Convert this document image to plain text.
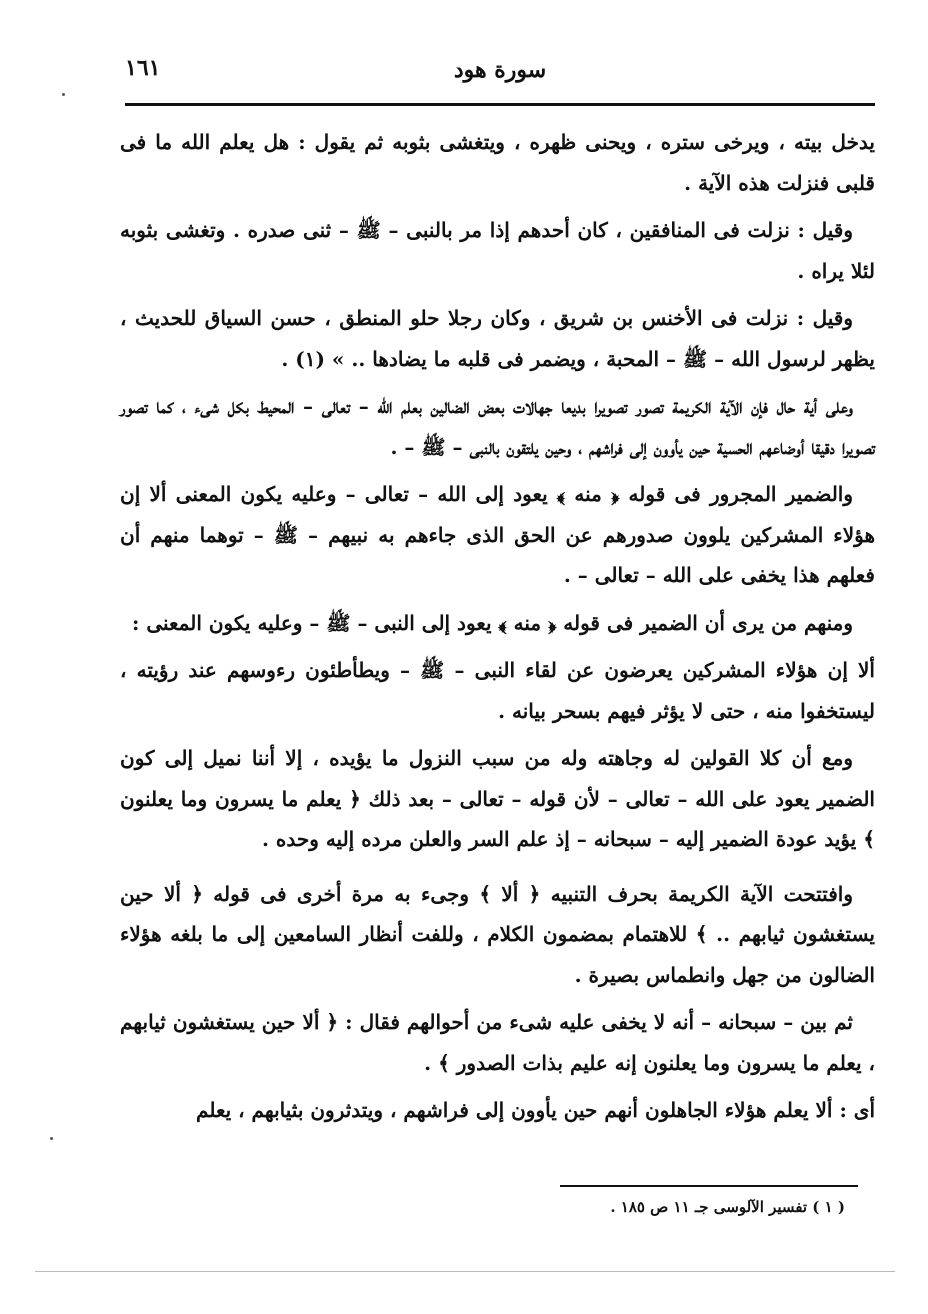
١٦١	سورة هود

يدخل بيته ، ويرخى ستره ، ويحنى ظهره ، ويتغشى بثوبه ثم يقول : هل يعلم الله ما فى قلبى فنزلت هذه الآية .

وقيل : نزلت فى المنافقين ، كان أحدهم إذا مر بالنبى – ﷺ – ثنى صدره . وتغشى بثوبه لئلا يراه .

وقيل : نزلت فى الأخنس بن شريق ، وكان رجلا حلو المنطق ، حسن السياق للحديث ، يظهر لرسول الله – ﷺ – المحبة ، ويضمر فى قلبه ما يضادها .. » (١) .

وعلى أية حال فإن الآية الكريمة تصور تصويرا بديعا جهالات بعض الضالين بعلم الله – تعالى – المحيط بكل شىء ، كما تصور تصويرا دقيقا أوضاعهم الحسية حين يأوون إلى فراشهم ، وحين يلتقون بالنبى – ﷺ – .

والضمير المجرور فى قوله ﴿ منه ﴾ يعود إلى الله – تعالى – وعليه يكون المعنى ألا إن هؤلاء المشركين يلوون صدورهم عن الحق الذى جاءهم به نبيهم – ﷺ – توهما منهم أن فعلهم هذا يخفى على الله – تعالى – .

ومنهم من يرى أن الضمير فى قوله ﴿ منه ﴾ يعود إلى النبى – ﷺ – وعليه يكون المعنى :

ألا إن هؤلاء المشركين يعرضون عن لقاء النبى – ﷺ – ويطأطئون رءوسهم عند رؤيته ، ليستخفوا منه ، حتى لا يؤثر فيهم بسحر بيانه .

ومع أن كلا القولين له وجاهته وله من سبب النزول ما يؤيده ، إلا أننا نميل إلى كون الضمير يعود على الله – تعالى – لأن قوله – تعالى – بعد ذلك ﴿ يعلم ما يسرون وما يعلنون ﴾ يؤيد عودة الضمير إليه – سبحانه – إذ علم السر والعلن مرده إليه وحده .

وافتتحت الآية الكريمة بحرف التنبيه ﴿ ألا ﴾ وجىء به مرة أخرى فى قوله ﴿ ألا حين يستغشون ثيابهم .. ﴾ للاهتمام بمضمون الكلام ، وللفت أنظار السامعين إلى ما بلغه هؤلاء الضالون من جهل وانطماس بصيرة .

ثم بين – سبحانه – أنه لا يخفى عليه شىء من أحوالهم فقال : ﴿ ألا حين يستغشون ثيابهم ، يعلم ما يسرون وما يعلنون إنه عليم بذات الصدور ﴾ .

أى : ألا يعلم هؤلاء الجاهلون أنهم حين يأوون إلى فراشهم ، ويتدثرون بثيابهم ، يعلم

( ١ ) تفسير الآلوسى جـ ١١ ص ١٨٥ .
